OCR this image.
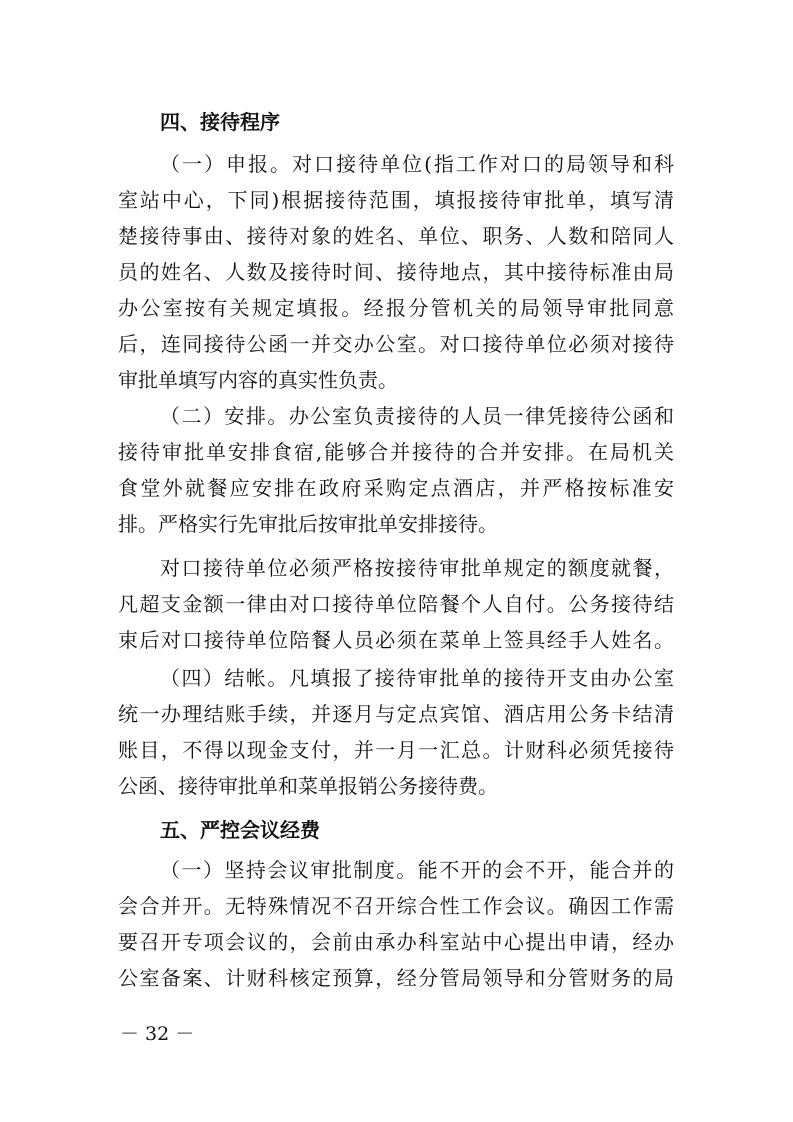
四、接待程序

（一）申报。对口接待单位(指工作对口的局领导和科

室站中心，下同)根据接待范围，填报接待审批单，填写清

楚接待事由、接待对象的姓名、单位、职务、人数和陪同人

员的姓名、人数及接待时间、接待地点，其中接待标准由局

办公室按有关规定填报。经报分管机关的局领导审批同意

后，连同接待公函一并交办公室。对口接待单位必须对接待

审批单填写内容的真实性负责。

（二）安排。办公室负责接待的人员一律凭接待公函和

接待审批单安排食宿,能够合并接待的合并安排。在局机关

食堂外就餐应安排在政府采购定点酒店，并严格按标准安

排。严格实行先审批后按审批单安排接待。

对口接待单位必须严格按接待审批单规定的额度就餐，

凡超支金额一律由对口接待单位陪餐个人自付。公务接待结

束后对口接待单位陪餐人员必须在菜单上签具经手人姓名。

（四）结帐。凡填报了接待审批单的接待开支由办公室

统一办理结账手续，并逐月与定点宾馆、酒店用公务卡结清

账目，不得以现金支付，并一月一汇总。计财科必须凭接待

公函、接待审批单和菜单报销公务接待费。

五、严控会议经费

（一）坚持会议审批制度。能不开的会不开，能合并的

会合并开。无特殊情况不召开综合性工作会议。确因工作需

要召开专项会议的，会前由承办科室站中心提出申请，经办

公室备案、计财科核定预算，经分管局领导和分管财务的局

－ 32 －
